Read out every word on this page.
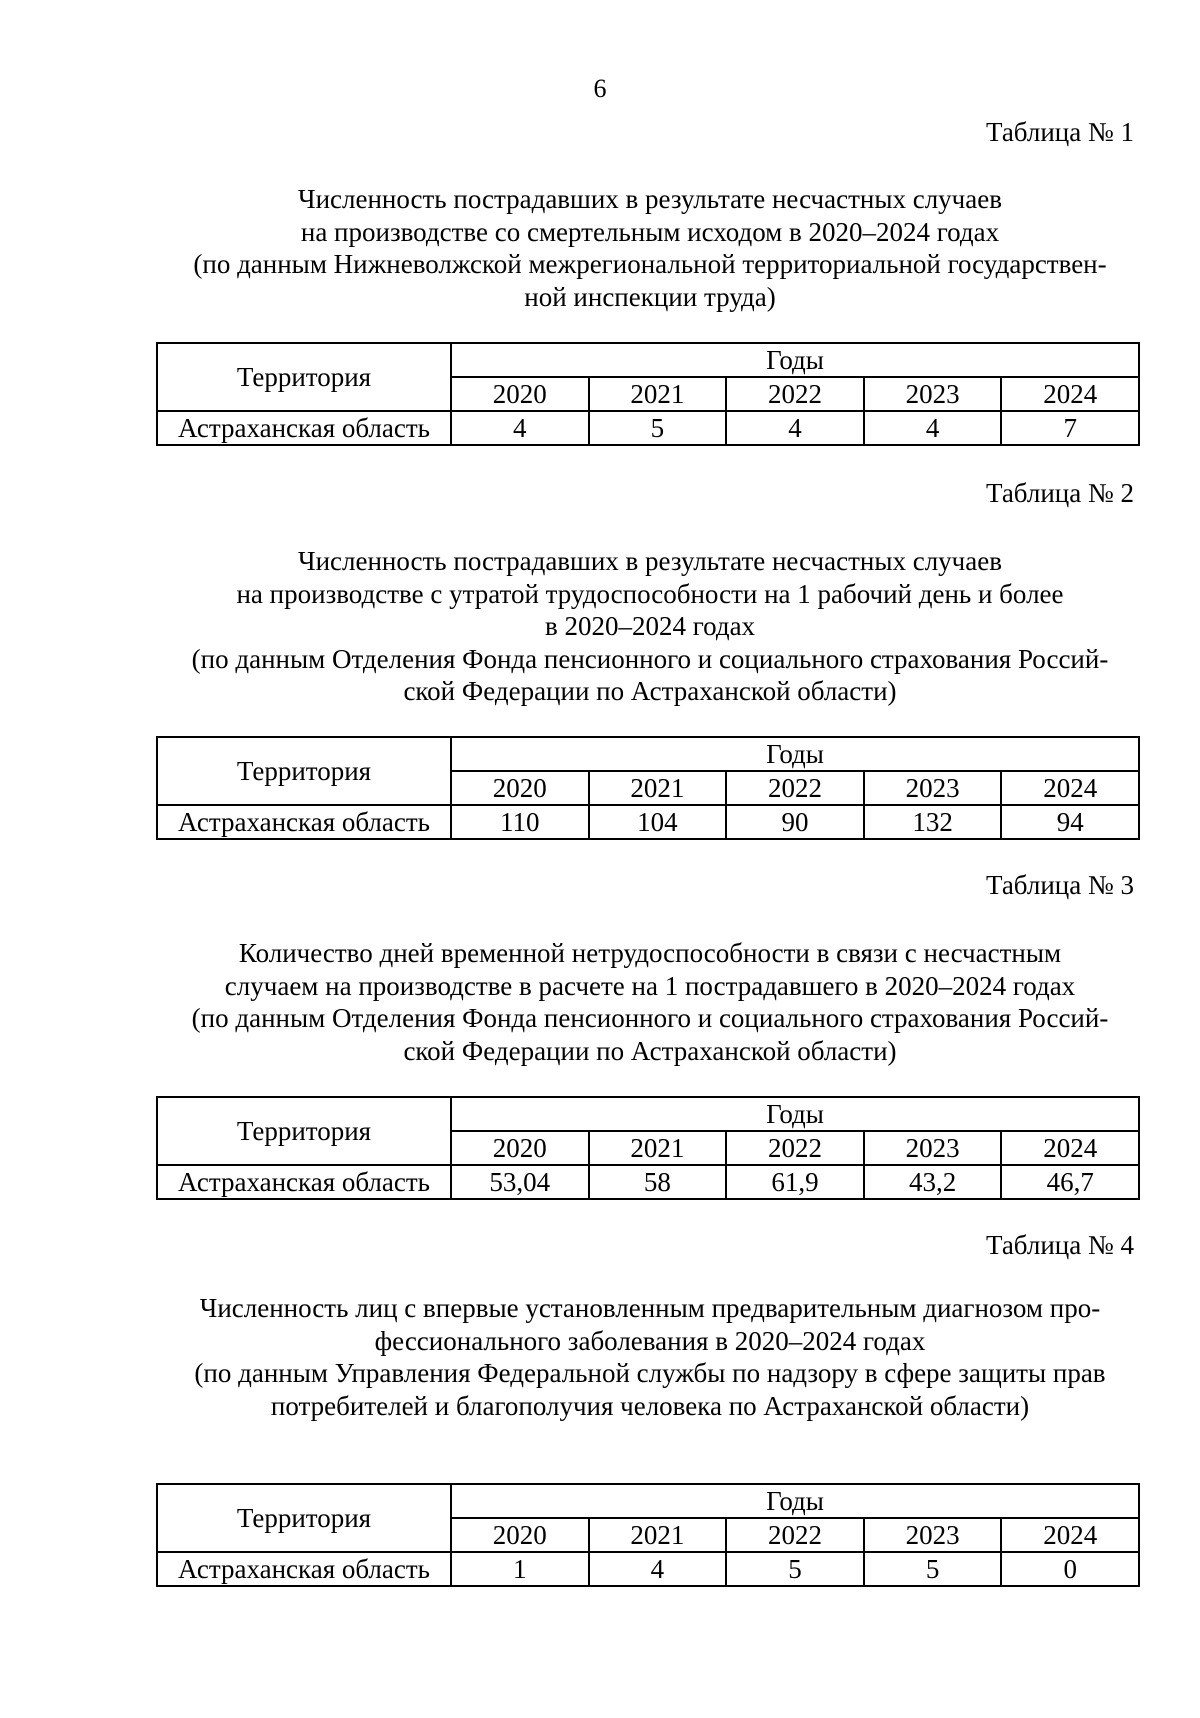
6
Таблица № 1
Численность пострадавших в результате несчастных случаев
на производстве со смертельным исходом в 2020–2024 годах
(по данным Нижневолжской межрегиональной территориальной государствен-
ной инспекции труда)
Территория	Годы				
	2020	2021	2022	2023	2024
Астраханская область	4	5	4	4	7
Таблица № 2
Численность пострадавших в результате несчастных случаев
на производстве с утратой трудоспособности на 1 рабочий день и более
в 2020–2024 годах
(по данным Отделения Фонда пенсионного и социального страхования Россий-
ской Федерации по Астраханской области)
Территория	Годы				
	2020	2021	2022	2023	2024
Астраханская область	110	104	90	132	94
Таблица № 3
Количество дней временной нетрудоспособности в связи с несчастным
случаем на производстве в расчете на 1 пострадавшего в 2020–2024 годах
(по данным Отделения Фонда пенсионного и социального страхования Россий-
ской Федерации по Астраханской области)
Территория	Годы				
	2020	2021	2022	2023	2024
Астраханская область	53,04	58	61,9	43,2	46,7
Таблица № 4
Численность лиц с впервые установленным предварительным диагнозом про-
фессионального заболевания в 2020–2024 годах
(по данным Управления Федеральной службы по надзору в сфере защиты прав
потребителей и благополучия человека по Астраханской области)
Территория	Годы				
	2020	2021	2022	2023	2024
Астраханская область	1	4	5	5	0
